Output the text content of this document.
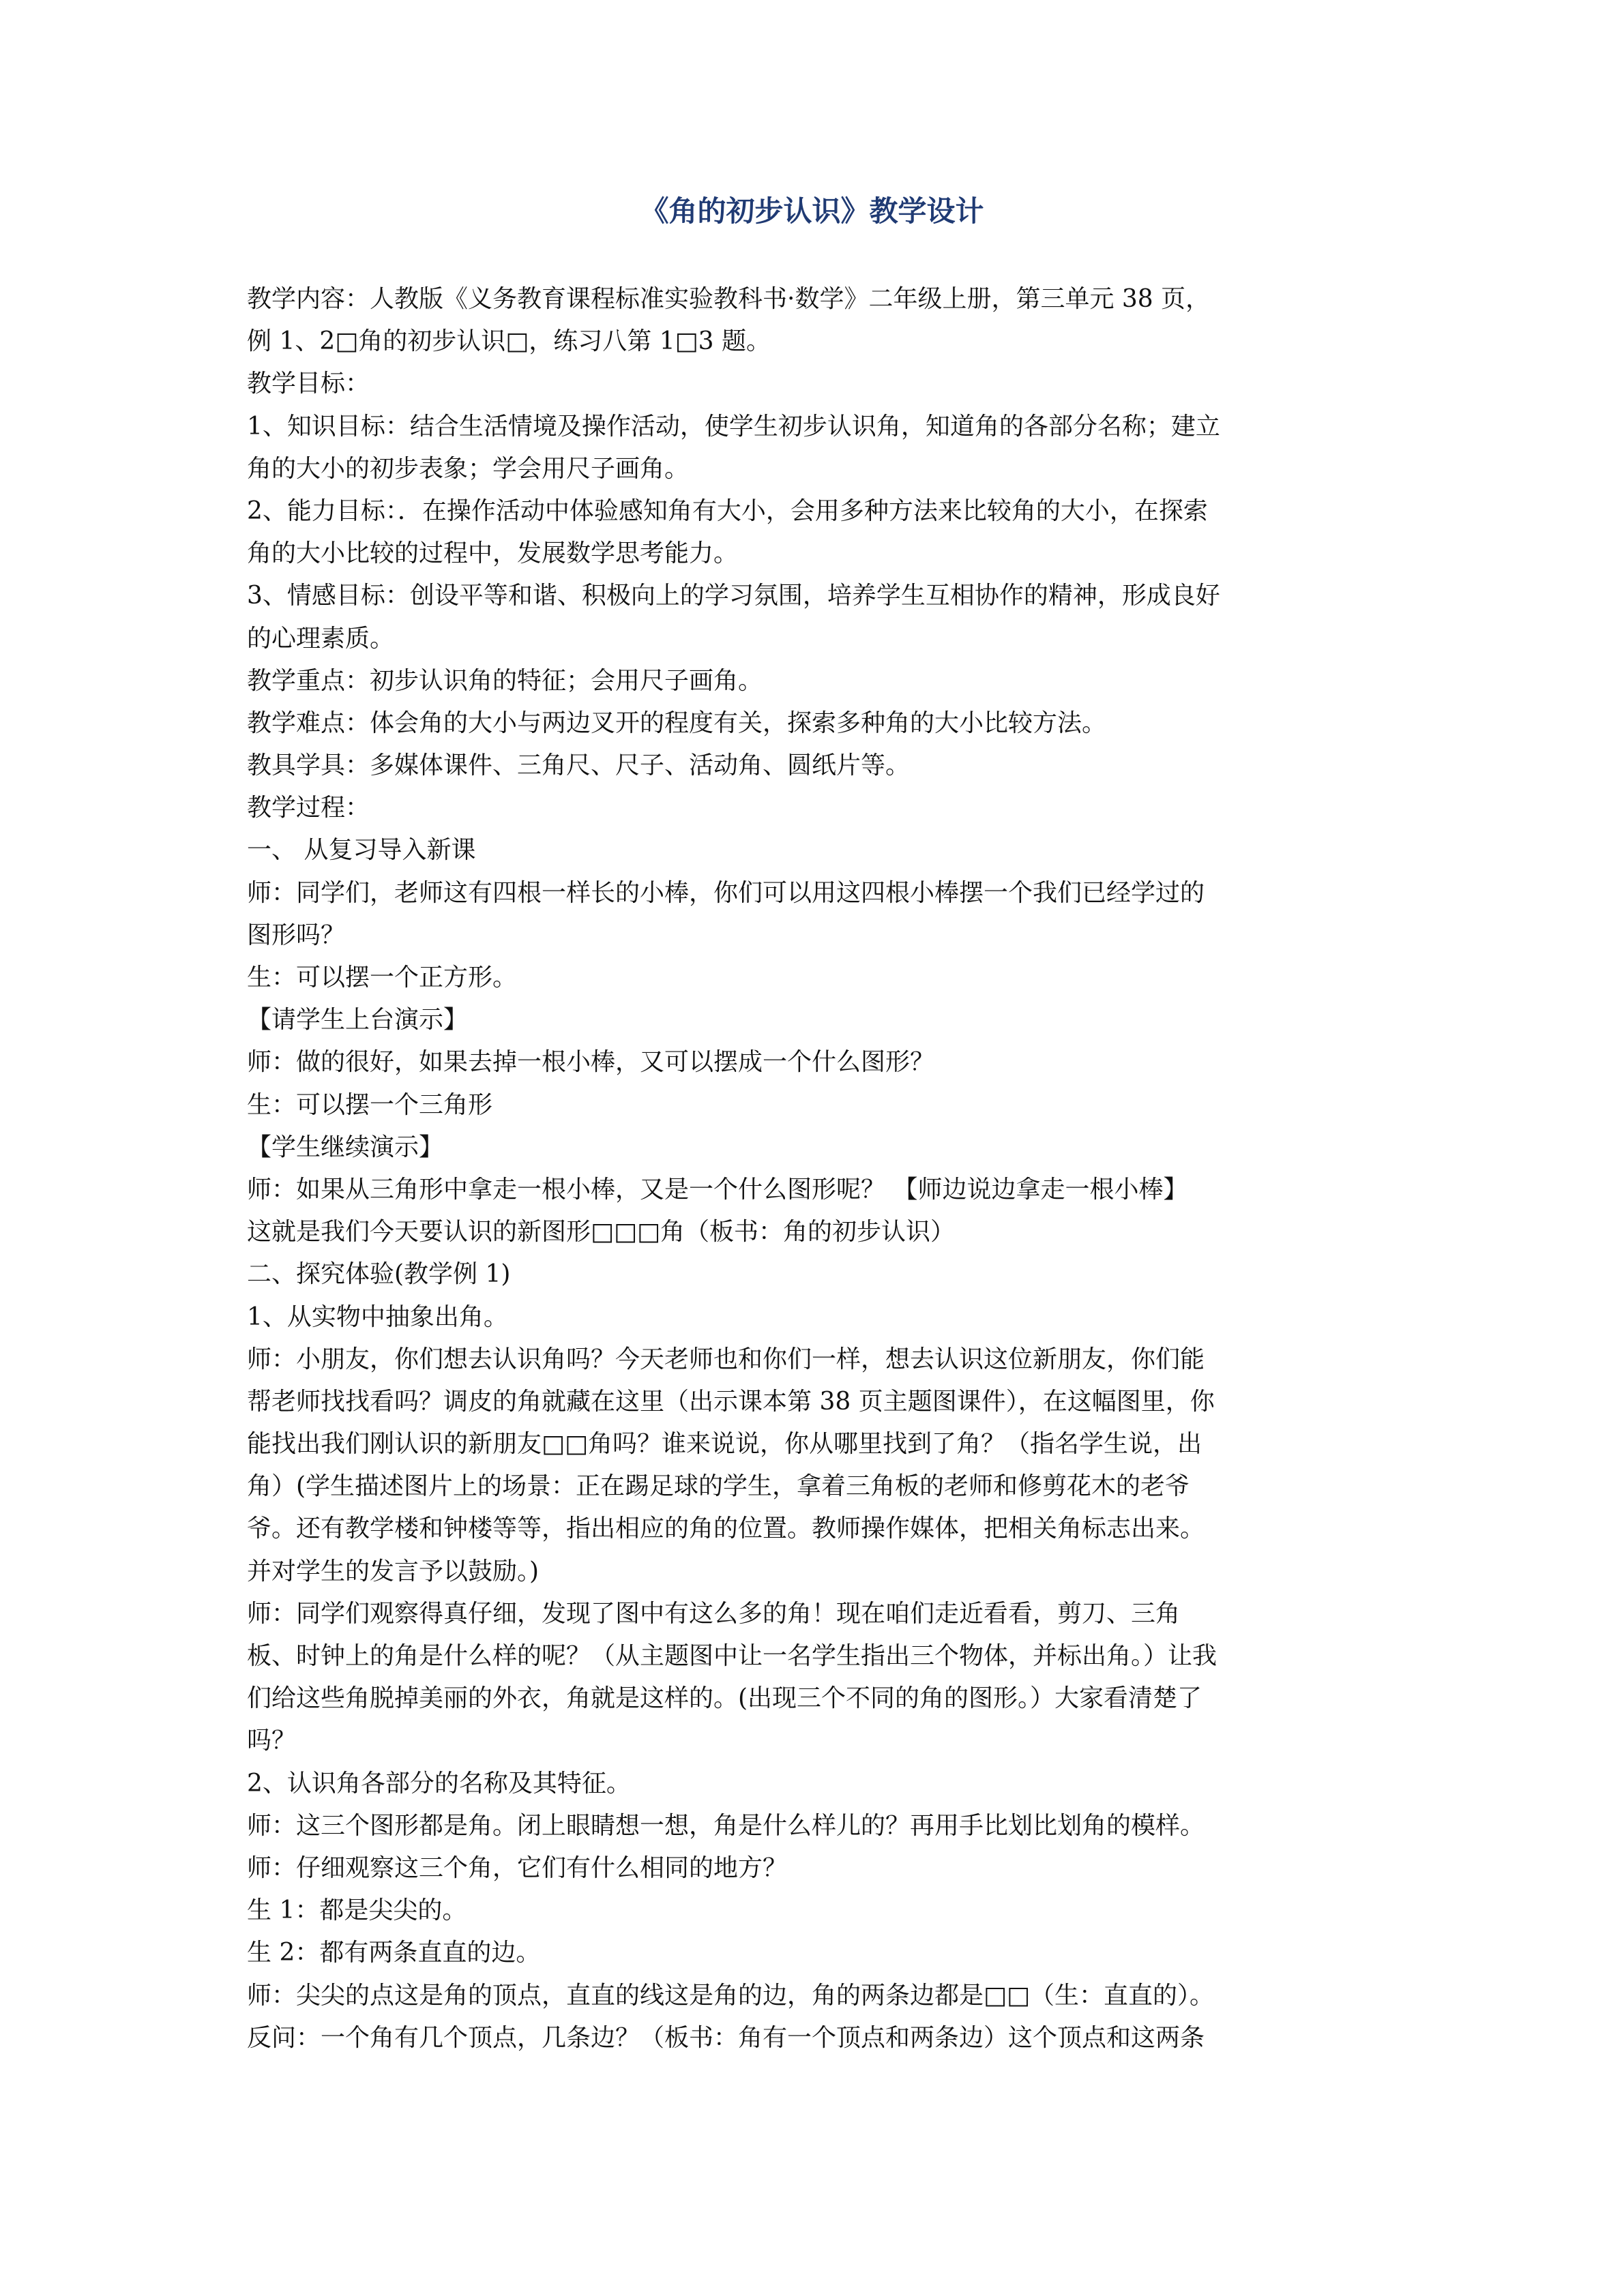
《角的初步认识》教学设计
教学内容：人教版《义务教育课程标准实验教科书·数学》二年级上册，第三单元 38 页，
例 1、2□角的初步认识□，练习八第 1□3 题。
教学目标：
1、知识目标：结合生活情境及操作活动，使学生初步认识角，知道角的各部分名称；建立
角的大小的初步表象；学会用尺子画角。
2、能力目标：．在操作活动中体验感知角有大小，会用多种方法来比较角的大小，在探索
角的大小比较的过程中，发展数学思考能力。
3、情感目标：创设平等和谐、积极向上的学习氛围，培养学生互相协作的精神，形成良好
的心理素质。
教学重点：初步认识角的特征；会用尺子画角。
教学难点：体会角的大小与两边叉开的程度有关，探索多种角的大小比较方法。
教具学具：多媒体课件、三角尺、尺子、活动角、圆纸片等。
教学过程：
一、 从复习导入新课
师：同学们，老师这有四根一样长的小棒，你们可以用这四根小棒摆一个我们已经学过的
图形吗？
生：可以摆一个正方形。
【请学生上台演示】
师：做的很好，如果去掉一根小棒，又可以摆成一个什么图形？
生：可以摆一个三角形
【学生继续演示】
师：如果从三角形中拿走一根小棒，又是一个什么图形呢？ 【师边说边拿走一根小棒】
这就是我们今天要认识的新图形□□□角（板书：角的初步认识）
二、探究体验(教学例 1)
1、从实物中抽象出角。
师：小朋友，你们想去认识角吗？今天老师也和你们一样，想去认识这位新朋友，你们能
帮老师找找看吗？调皮的角就藏在这里（出示课本第 38 页主题图课件），在这幅图里，你
能找出我们刚认识的新朋友□□角吗？谁来说说，你从哪里找到了角？（指名学生说，出
角）(学生描述图片上的场景：正在踢足球的学生，拿着三角板的老师和修剪花木的老爷
爷。还有教学楼和钟楼等等，指出相应的角的位置。教师操作媒体，把相关角标志出来。
并对学生的发言予以鼓励。)
师：同学们观察得真仔细，发现了图中有这么多的角！现在咱们走近看看，剪刀、三角
板、时钟上的角是什么样的呢？（从主题图中让一名学生指出三个物体，并标出角。）让我
们给这些角脱掉美丽的外衣，角就是这样的。(出现三个不同的角的图形。）大家看清楚了
吗？
2、认识角各部分的名称及其特征。
师：这三个图形都是角。闭上眼睛想一想，角是什么样儿的？再用手比划比划角的模样。
师：仔细观察这三个角，它们有什么相同的地方？
生 1：都是尖尖的。
生 2：都有两条直直的边。
师：尖尖的点这是角的顶点，直直的线这是角的边，角的两条边都是□□（生：直直的）。
反问：一个角有几个顶点，几条边？（板书：角有一个顶点和两条边）这个顶点和这两条
